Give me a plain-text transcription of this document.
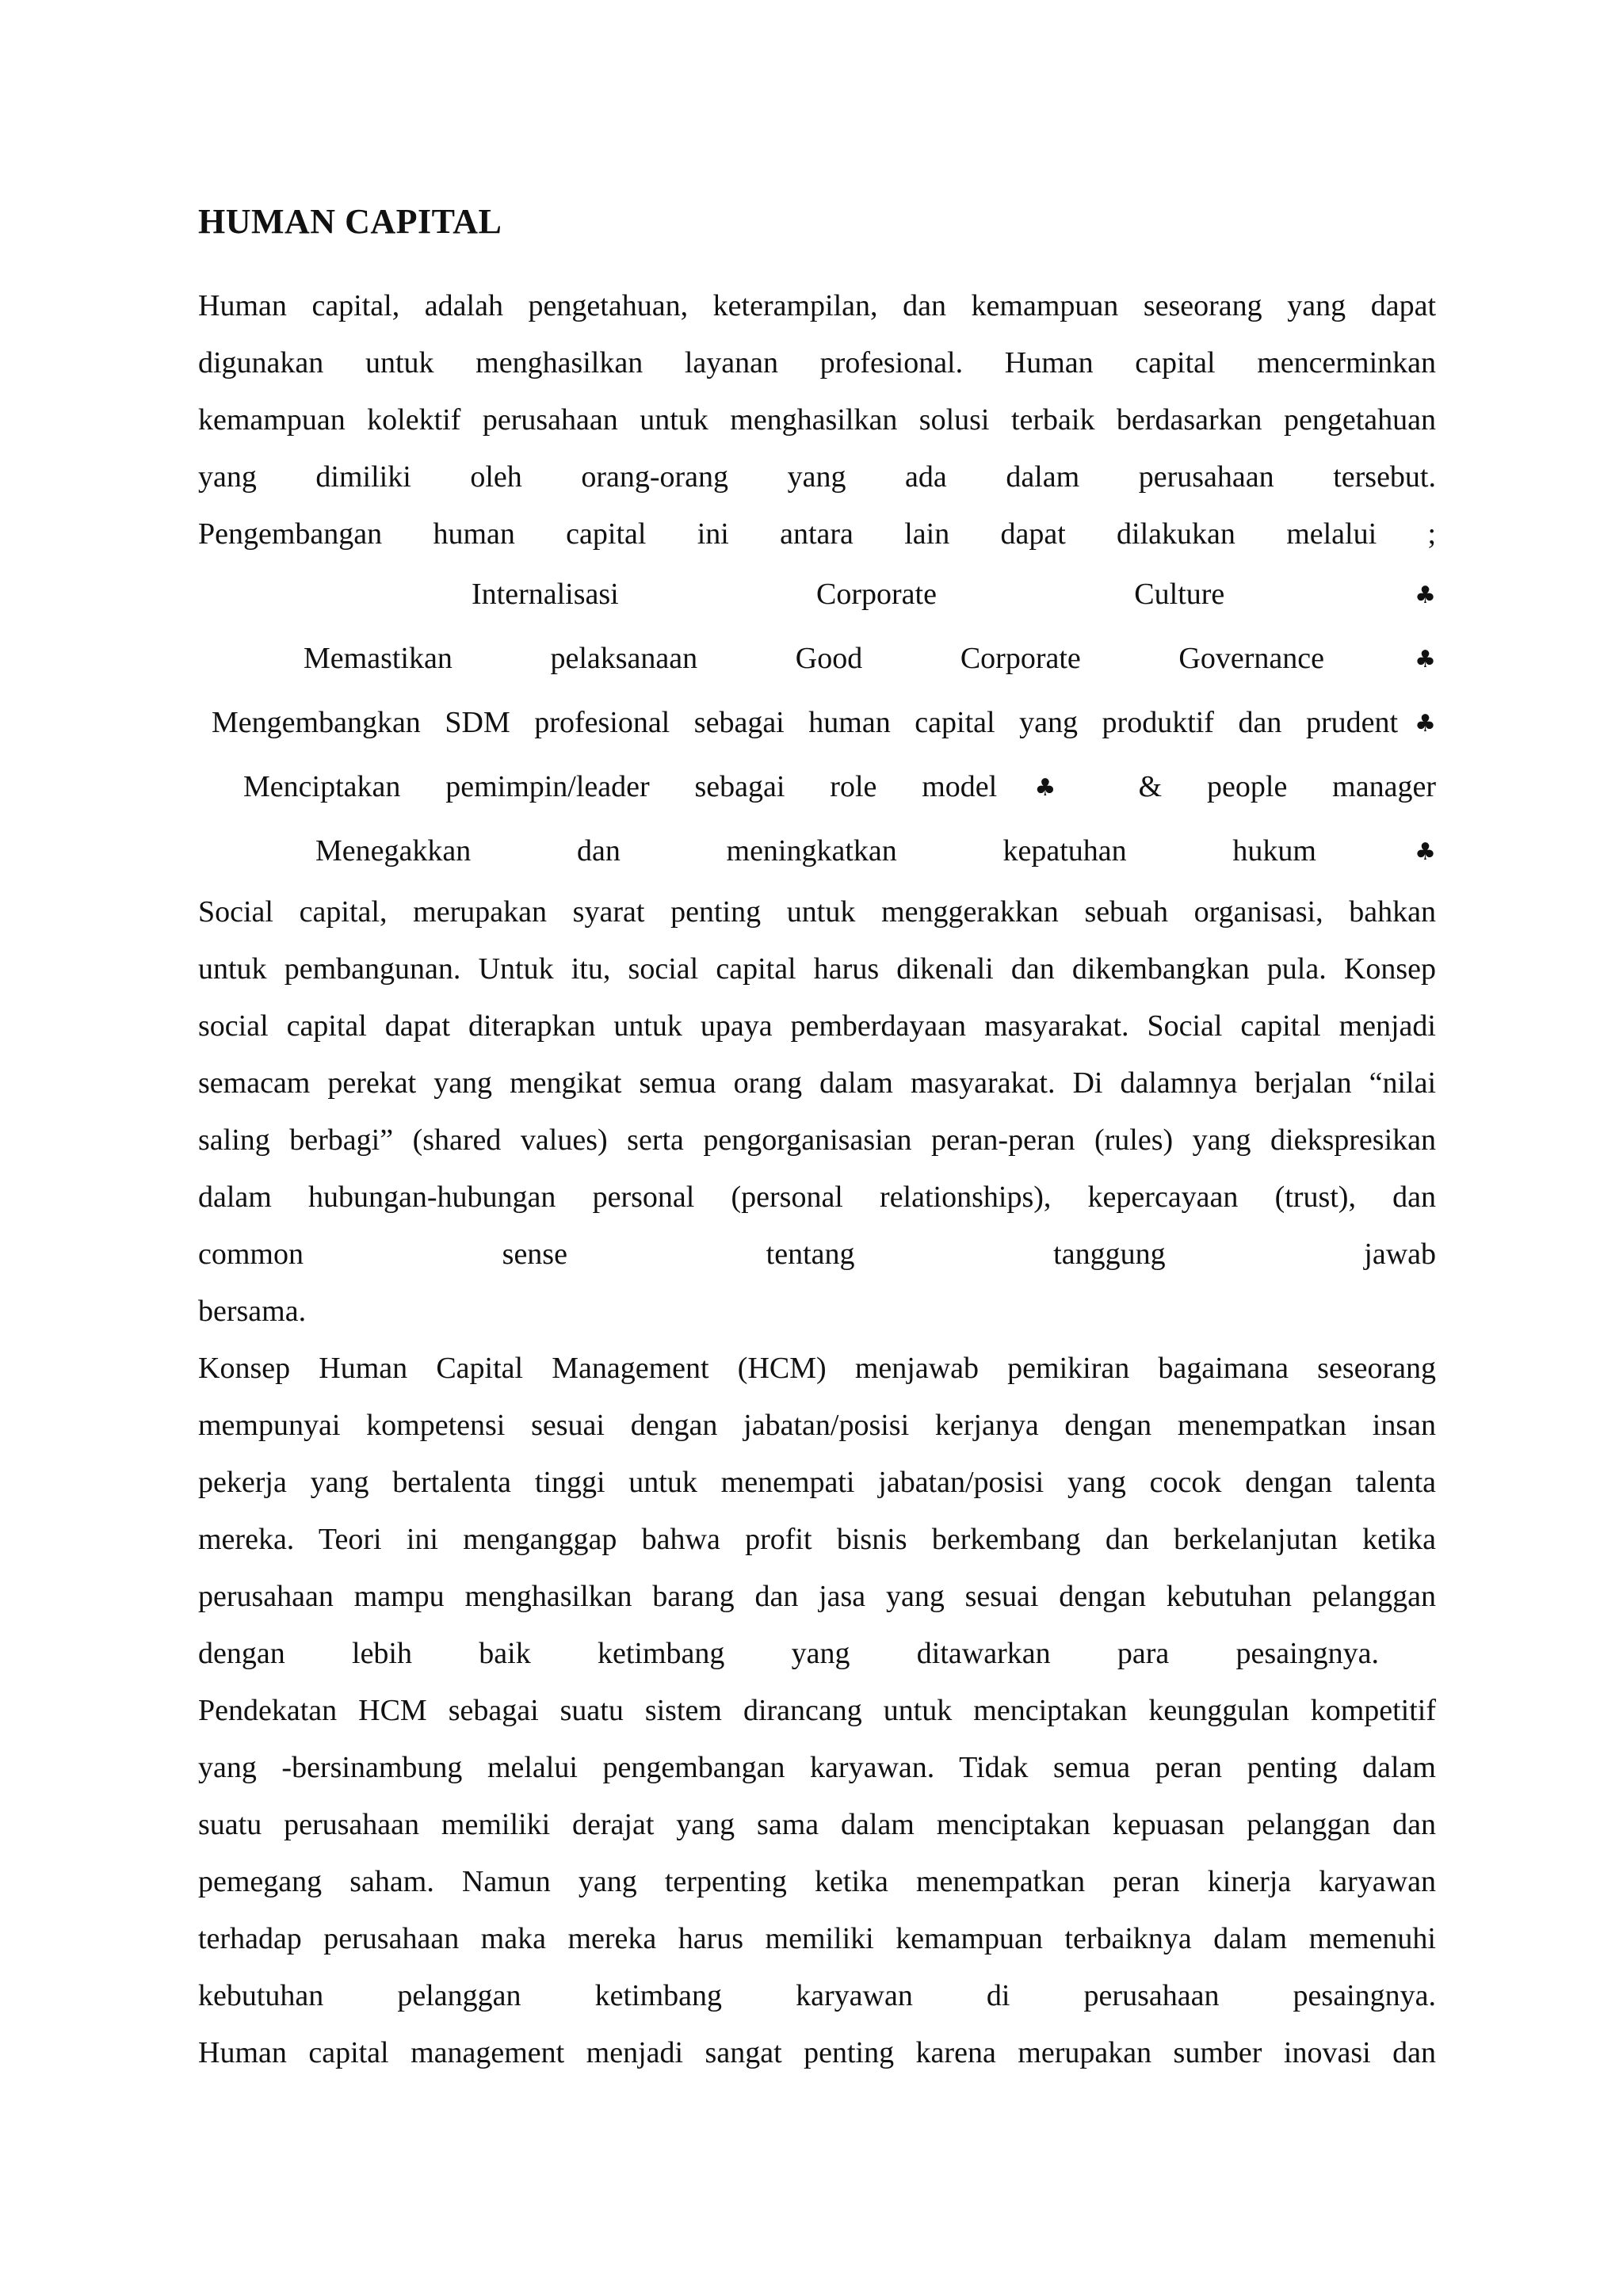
HUMAN CAPITAL
Human capital, adalah pengetahuan, keterampilan, dan kemampuan seseorang yang dapat
digunakan untuk menghasilkan layanan profesional. Human capital mencerminkan
kemampuan kolektif perusahaan untuk menghasilkan solusi terbaik berdasarkan pengetahuan
yang dimiliki oleh orang-orang yang ada dalam perusahaan tersebut.
Pengembangan human capital ini antara lain dapat dilakukan melalui ;
Internalisasi Corporate Culture♣
Memastikan pelaksanaan Good Corporate Governance♣
Mengembangkan SDM profesional sebagai human capital yang produktif dan prudent♣
Menciptakan pemimpin/leader sebagai role model♣ & people manager
Menegakkan dan meningkatkan kepatuhan hukum♣
Social capital, merupakan syarat penting untuk menggerakkan sebuah organisasi, bahkan
untuk pembangunan. Untuk itu, social capital harus dikenali dan dikembangkan pula. Konsep
social capital dapat diterapkan untuk upaya pemberdayaan masyarakat. Social capital menjadi
semacam perekat yang mengikat semua orang dalam masyarakat. Di dalamnya berjalan “nilai
saling berbagi” (shared values) serta pengorganisasian peran-peran (rules) yang diekspresikan
dalam hubungan-hubungan personal (personal relationships), kepercayaan (trust), dan
common sense tentang tanggung jawab
bersama.
Konsep Human Capital Management (HCM) menjawab pemikiran bagaimana seseorang
mempunyai kompetensi sesuai dengan jabatan/posisi kerjanya dengan menempatkan insan
pekerja yang bertalenta tinggi untuk menempati jabatan/posisi yang cocok dengan talenta
mereka. Teori ini menganggap bahwa profit bisnis berkembang dan berkelanjutan ketika
perusahaan mampu menghasilkan barang dan jasa yang sesuai dengan kebutuhan pelanggan
dengan lebih baik ketimbang yang ditawarkan para pesaingnya.
Pendekatan HCM sebagai suatu sistem dirancang untuk menciptakan keunggulan kompetitif
yang -bersinambung melalui pengembangan karyawan. Tidak semua peran penting dalam
suatu perusahaan memiliki derajat yang sama dalam menciptakan kepuasan pelanggan dan
pemegang saham. Namun yang terpenting ketika menempatkan peran kinerja karyawan
terhadap perusahaan maka mereka harus memiliki kemampuan terbaiknya dalam memenuhi
kebutuhan pelanggan ketimbang karyawan di perusahaan pesaingnya.
Human capital management menjadi sangat penting karena merupakan sumber inovasi dan
